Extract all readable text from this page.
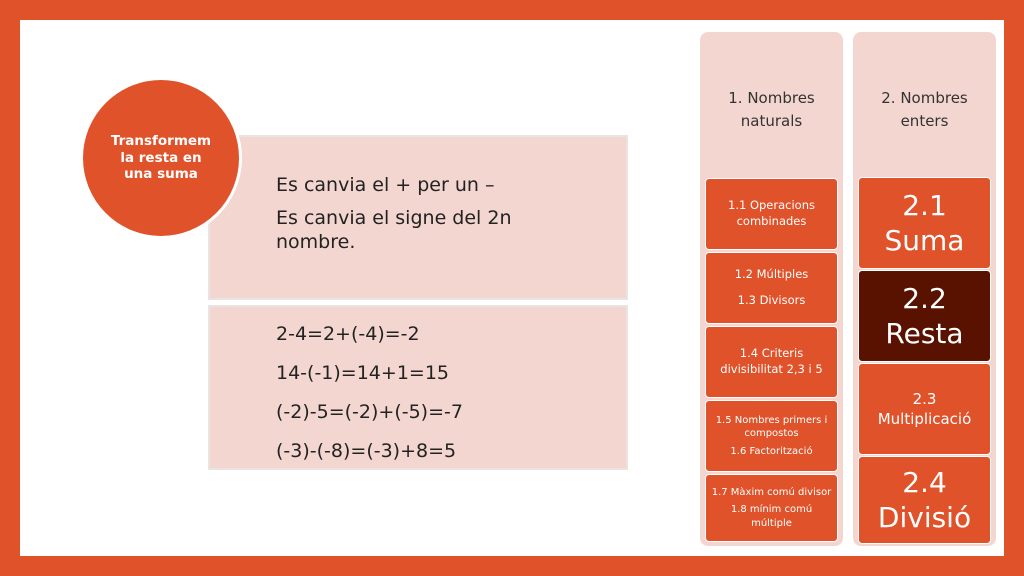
Es canvia el + per un –
Es canvia el signe del 2n nombre.
2-4=2+(-4)=-2
14-(-1)=14+1=15
(-2)-5=(-2)+(-5)=-7
(-3)-(-8)=(-3)+8=5
Transformem la resta en una suma
1. Nombres naturals
1.1 Operacions combinades
1.2 Múltiples
1.3 Divisors
1.4 Criteris divisibilitat 2,3 i 5
1.5 Nombres primers i compostos
1.6 Factorització
1.7 Màxim comú divisor
1.8 mínim comú múltiple
2. Nombres enters
2.1 Suma
2.2 Resta
2.3 Multiplicació
2.4 Divisió
